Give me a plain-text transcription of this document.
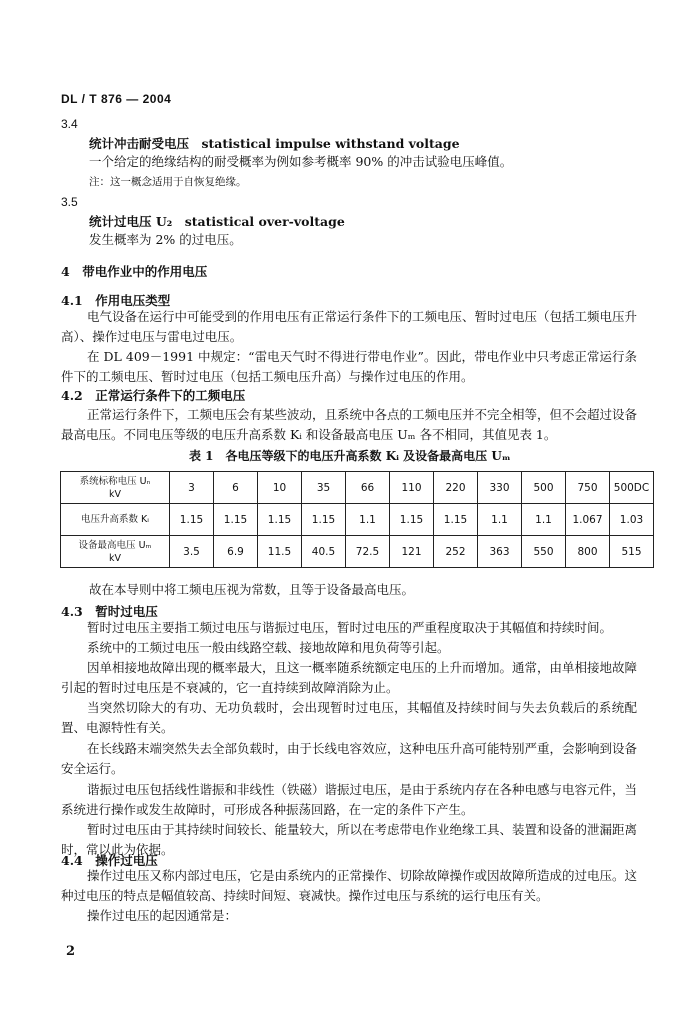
DL / T 876 — 2004
3.4
统计冲击耐受电压　statistical impulse withstand voltage
一个给定的绝缘结构的耐受概率为例如参考概率 90% 的冲击试验电压峰值。
注：这一概念适用于自恢复绝缘。
3.5
统计过电压 U₂　statistical over-voltage
发生概率为 2% 的过电压。
4　带电作业中的作用电压
4.1　作用电压类型
电气设备在运行中可能受到的作用电压有正常运行条件下的工频电压、暂时过电压（包括工频电压升高）、操作过电压与雷电过电压。
在 DL 409－1991 中规定：“雷电天气时不得进行带电作业”。因此，带电作业中只考虑正常运行条件下的工频电压、暂时过电压（包括工频电压升高）与操作过电压的作用。
4.2　正常运行条件下的工频电压
正常运行条件下，工频电压会有某些波动，且系统中各点的工频电压并不完全相等，但不会超过设备最高电压。不同电压等级的电压升高系数 Kᵢ 和设备最高电压 Uₘ 各不相同，其值见表 1。
表 1　各电压等级下的电压升高系数 Kᵢ 及设备最高电压 Uₘ
系统标称电压 Uₙ
kV	3	6	10	35	66	110	220	330	500	750	500DC
电压升高系数 Kᵢ	1.15	1.15	1.15	1.15	1.1	1.15	1.15	1.1	1.1	1.067	1.03
设备最高电压 Uₘ
kV	3.5	6.9	11.5	40.5	72.5	121	252	363	550	800	515
故在本导则中将工频电压视为常数，且等于设备最高电压。
4.3　暂时过电压
暂时过电压主要指工频过电压与谐振过电压，暂时过电压的严重程度取决于其幅值和持续时间。
系统中的工频过电压一般由线路空载、接地故障和甩负荷等引起。
因单相接地故障出现的概率最大，且这一概率随系统额定电压的上升而增加。通常，由单相接地故障引起的暂时过电压是不衰减的，它一直持续到故障消除为止。
当突然切除大的有功、无功负载时，会出现暂时过电压，其幅值及持续时间与失去负载后的系统配置、电源特性有关。
在长线路末端突然失去全部负载时，由于长线电容效应，这种电压升高可能特别严重，会影响到设备安全运行。
谐振过电压包括线性谐振和非线性（铁磁）谐振过电压，是由于系统内存在各种电感与电容元件，当系统进行操作或发生故障时，可形成各种振荡回路，在一定的条件下产生。
暂时过电压由于其持续时间较长、能量较大，所以在考虑带电作业绝缘工具、装置和设备的泄漏距离时，常以此为依据。
4.4　操作过电压
操作过电压又称内部过电压，它是由系统内的正常操作、切除故障操作或因故障所造成的过电压。这种过电压的特点是幅值较高、持续时间短、衰减快。操作过电压与系统的运行电压有关。
操作过电压的起因通常是：
2
